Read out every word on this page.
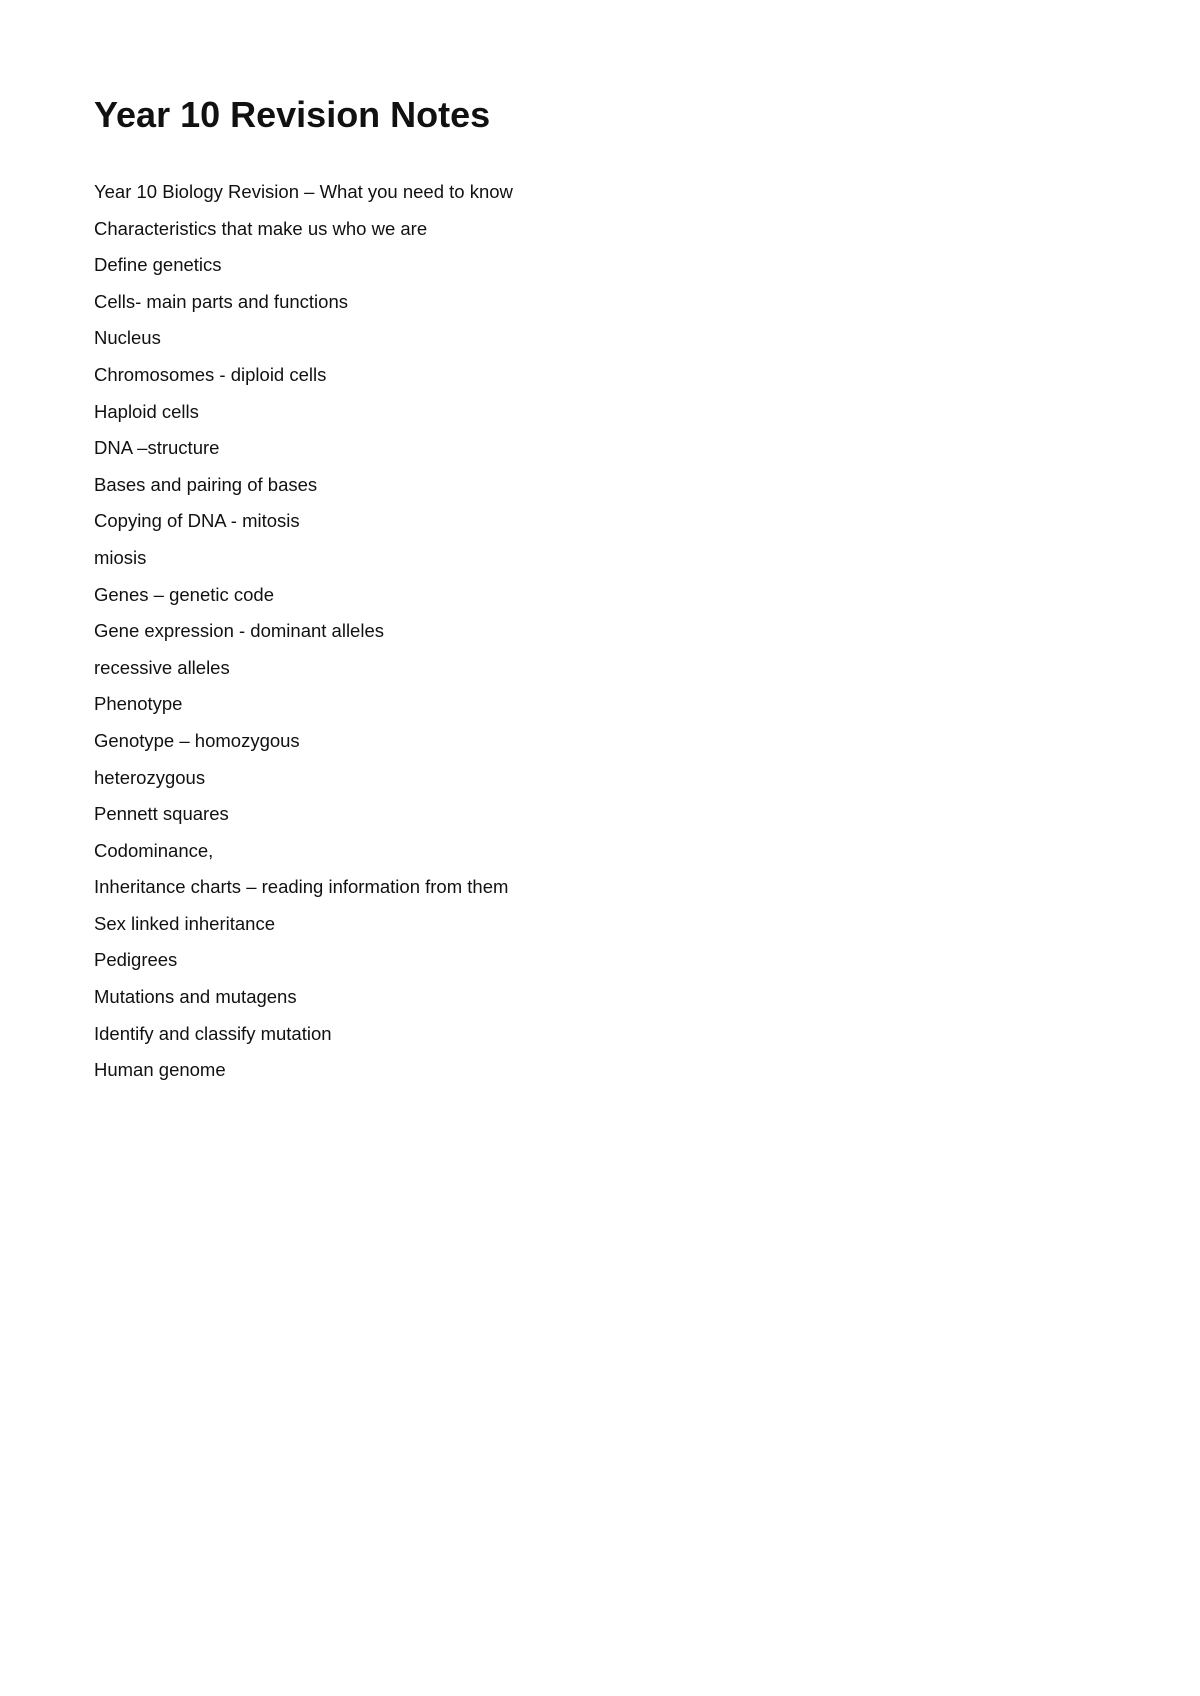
Year 10 Revision Notes
Year 10 Biology Revision – What you need to know
Characteristics that make us who we are
Define genetics
Cells- main parts and functions
Nucleus
Chromosomes - diploid cells
Haploid cells
DNA –structure
Bases and pairing of bases
Copying of DNA - mitosis
miosis
Genes – genetic code
Gene expression - dominant alleles
recessive alleles
Phenotype
Genotype – homozygous
heterozygous
Pennett squares
Codominance,
Inheritance charts – reading information from them
Sex linked inheritance
Pedigrees
Mutations and mutagens
Identify and classify mutation
Human genome
